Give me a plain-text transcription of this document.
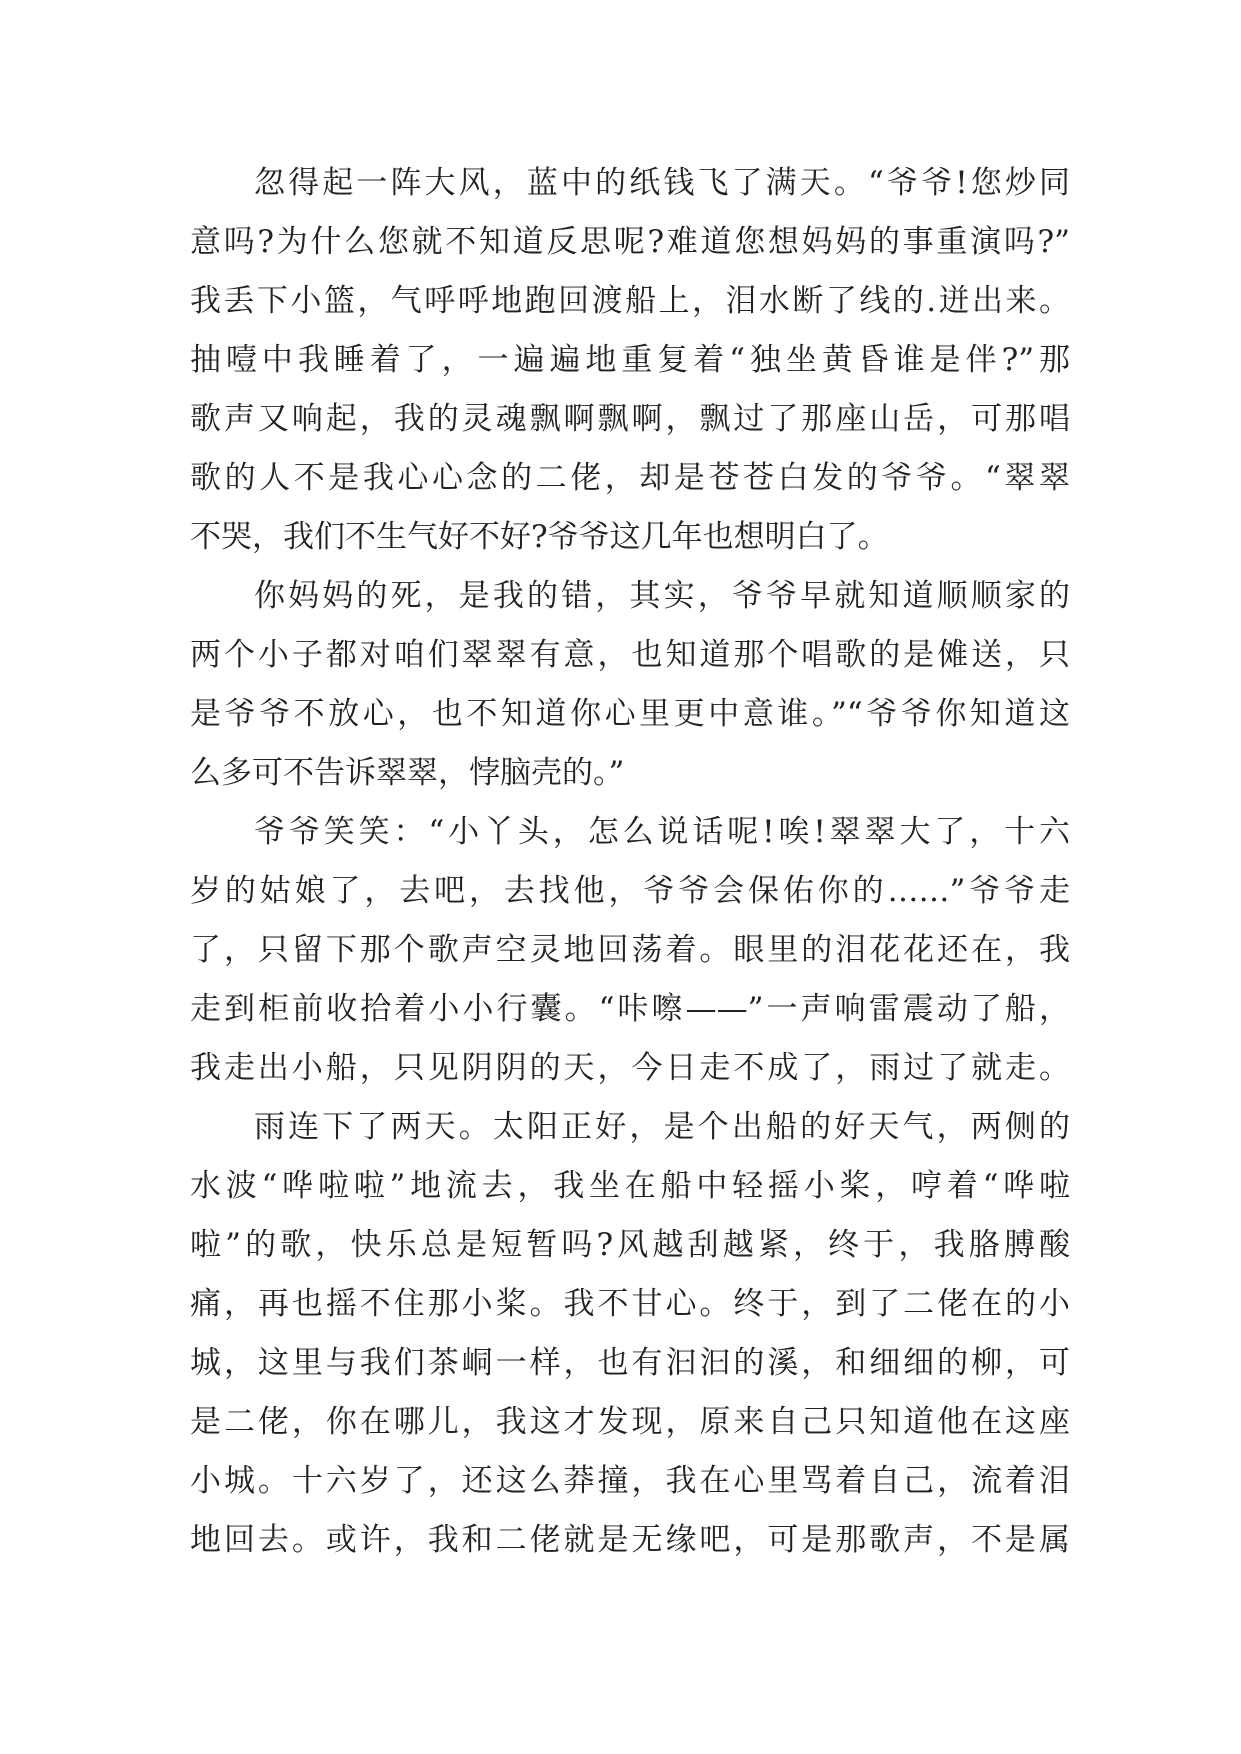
忽得起一阵大风，蓝中的纸钱飞了满天。“爷爷!您炒同
意吗?为什么您就不知道反思呢?难道您想妈妈的事重演吗?”
我丢下小篮，气呼呼地跑回渡船上，泪水断了线的.迸出来。
抽噎中我睡着了，一遍遍地重复着“独坐黄昏谁是伴?”那
歌声又响起，我的灵魂飘啊飘啊，飘过了那座山岳，可那唱
歌的人不是我心心念的二佬，却是苍苍白发的爷爷。“翠翠
不哭，我们不生气好不好?爷爷这几年也想明白了。
你妈妈的死，是我的错，其实，爷爷早就知道顺顺家的
两个小子都对咱们翠翠有意，也知道那个唱歌的是傩送，只
是爷爷不放心，也不知道你心里更中意谁。”“爷爷你知道这
么多可不告诉翠翠，悖脑壳的。”
爷爷笑笑：“小丫头，怎么说话呢!唉!翠翠大了，十六
岁的姑娘了，去吧，去找他，爷爷会保佑你的……”爷爷走
了，只留下那个歌声空灵地回荡着。眼里的泪花花还在，我
走到柜前收拾着小小行囊。“咔嚓——”一声响雷震动了船，
我走出小船，只见阴阴的天，今日走不成了，雨过了就走。
雨连下了两天。太阳正好，是个出船的好天气，两侧的
水波“哗啦啦”地流去，我坐在船中轻摇小桨，哼着“哗啦
啦”的歌，快乐总是短暂吗?风越刮越紧，终于，我胳膊酸
痛，再也摇不住那小桨。我不甘心。终于，到了二佬在的小
城，这里与我们茶峒一样，也有汩汩的溪，和细细的柳，可
是二佬，你在哪儿，我这才发现，原来自己只知道他在这座
小城。十六岁了，还这么莽撞，我在心里骂着自己，流着泪
地回去。或许，我和二佬就是无缘吧，可是那歌声，不是属
